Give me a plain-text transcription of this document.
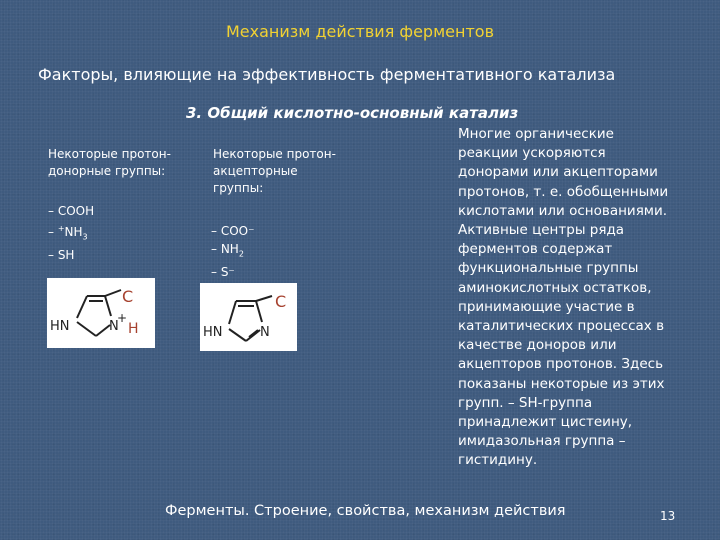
Механизм действия ферментов
Факторы, влияющие на эффективность ферментативного катализа
3. Общий кислотно-основный катализ
Некоторые протон-
донорные группы:
– COOH
– $^+NH_3$
– SH
C
HN	N
+
H
Некоторые протон-
акцепторные
группы:
– COO⁻
– $NH_2$
– S⁻
C
HN	N
Многие органические
реакции ускоряются
донорами или акцепторами
протонов, т. е. обобщенными
кислотами или основаниями.
Активные центры ряда
ферментов содержат
функциональные группы
аминокислотных остатков,
принимающие участие в
каталитических процессах в
качестве доноров или
акцепторов протонов. Здесь
показаны некоторые из этих
групп. – SH-группа
принадлежит цистеину,
имидазольная группа –
гистидину.
Ферменты. Строение, свойства, механизм действия	13
